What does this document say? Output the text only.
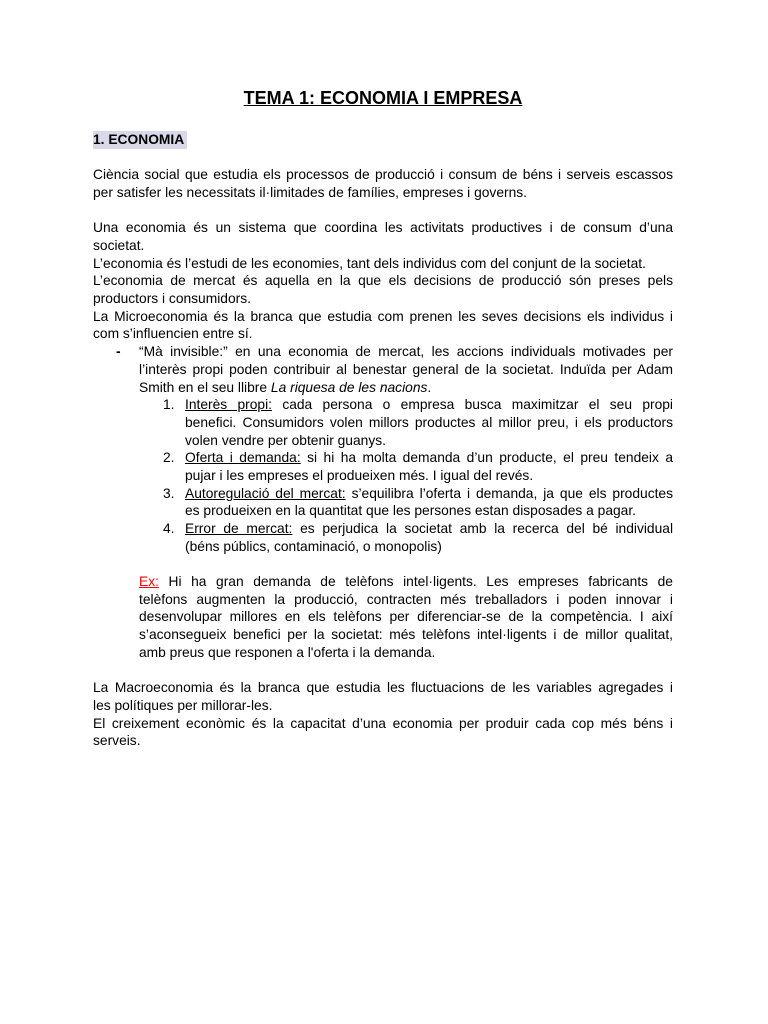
TEMA 1: ECONOMIA I EMPRESA
1. ECONOMIA
Ciència social que estudia els processos de producció i consum de béns i serveis escassos
per satisfer les necessitats il·limitades de famílies, empreses i governs.
Una economia és un sistema que coordina les activitats productives i de consum d’una
societat.
L’economia és l’estudi de les economies, tant dels individus com del conjunt de la societat.
L’economia de mercat és aquella en la que els decisions de producció són preses pels
productors i consumidors.
La Microeconomia és la branca que estudia com prenen les seves decisions els individus i
com s’influencien entre sí.
- “Mà invisible:” en una economia de mercat, les accions individuals motivades per
l’interès propi poden contribuir al benestar general de la societat. Induïda per Adam
Smith en el seu llibre La riquesa de les nacions.
1. Interès propi: cada persona o empresa busca maximitzar el seu propi
benefici. Consumidors volen millors productes al millor preu, i els productors
volen vendre per obtenir guanys.
2. Oferta i demanda: si hi ha molta demanda d’un producte, el preu tendeix a
pujar i les empreses el produeixen més. I igual del revés.
3. Autoregulació del mercat: s’equilibra l’oferta i demanda, ja que els productes
es produeixen en la quantitat que les persones estan disposades a pagar.
4. Error de mercat: es perjudica la societat amb la recerca del bé individual
(béns públics, contaminació, o monopolis)
Ex: Hi ha gran demanda de telèfons intel·ligents. Les empreses fabricants de
telèfons augmenten la producció, contracten més treballadors i poden innovar i
desenvolupar millores en els telèfons per diferenciar-se de la competència. I així
s’aconsegueix benefici per la societat: més telèfons intel·ligents i de millor qualitat,
amb preus que responen a l'oferta i la demanda.
La Macroeconomia és la branca que estudia les fluctuacions de les variables agregades i
les polítiques per millorar-les.
El creixement econòmic és la capacitat d’una economia per produir cada cop més béns i
serveis.
